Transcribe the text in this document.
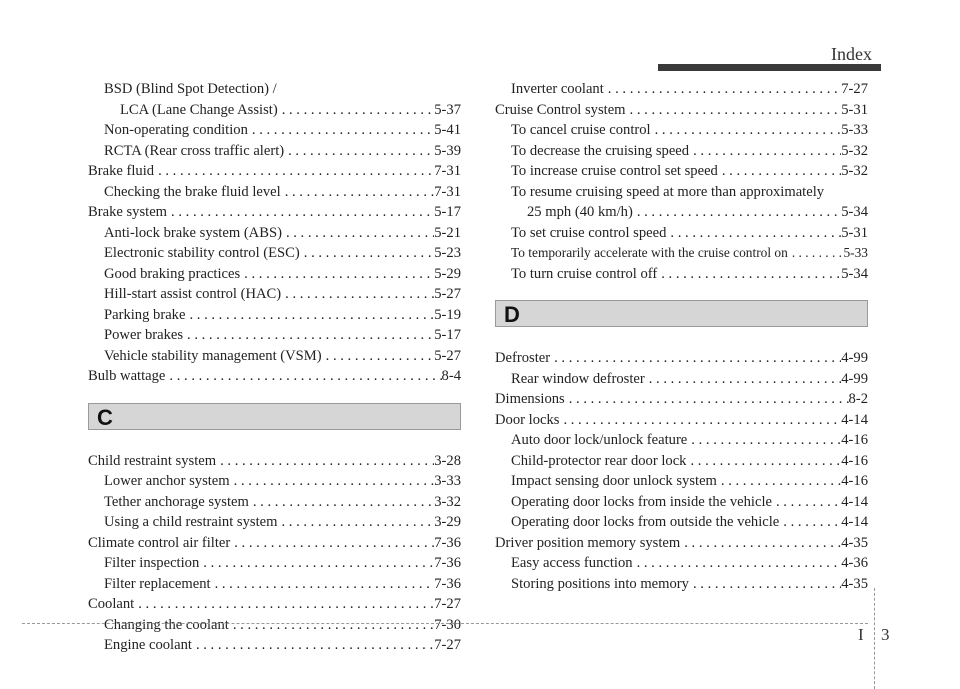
Index
BSD (Blind Spot Detection) /
LCA (Lane Change Assist) . . .	5-37
Non-operating condition . . .	5-41
RCTA (Rear cross traffic alert) . . .	5-39
Brake fluid . . .	7-31
Checking the brake fluid level . . .	7-31
Brake system . . .	5-17
Anti-lock brake system (ABS) . . .	5-21
Electronic stability control (ESC) . . .	5-23
Good braking practices . . .	5-29
Hill-start assist control (HAC) . . .	5-27
Parking brake . . .	5-19
Power brakes . . .	5-17
Vehicle stability management (VSM) . . .	5-27
Bulb wattage . . .	8-4
C
Child restraint system . . .	3-28
Lower anchor system . . .	3-33
Tether anchorage system . . .	3-32
Using a child restraint system . . .	3-29
Climate control air filter . . .	7-36
Filter inspection . . .	7-36
Filter replacement . . .	7-36
Coolant . . .	7-27
Changing the coolant . . .	7-30
Engine coolant . . .	7-27
Inverter coolant . . .	7-27
Cruise Control system . . .	5-31
To cancel cruise control . . .	5-33
To decrease the cruising speed . . .	5-32
To increase cruise control set speed . . .	5-32
To resume cruising speed at more than approximately
25 mph (40 km/h) . . .	5-34
To set cruise control speed . . .	5-31
To temporarily accelerate with the cruise control on . . .	5-33
To turn cruise control off . . .	5-34
D
Defroster . . .	4-99
Rear window defroster . . .	4-99
Dimensions . . .	8-2
Door locks . . .	4-14
Auto door lock/unlock feature . . .	4-16
Child-protector rear door lock . . .	4-16
Impact sensing door unlock system . . .	4-16
Operating door locks from inside the vehicle . . .	4-14
Operating door locks from outside the vehicle . . .	4-14
Driver position memory system . . .	4-35
Easy access function . . .	4-36
Storing positions into memory . . .	4-35
I 3
